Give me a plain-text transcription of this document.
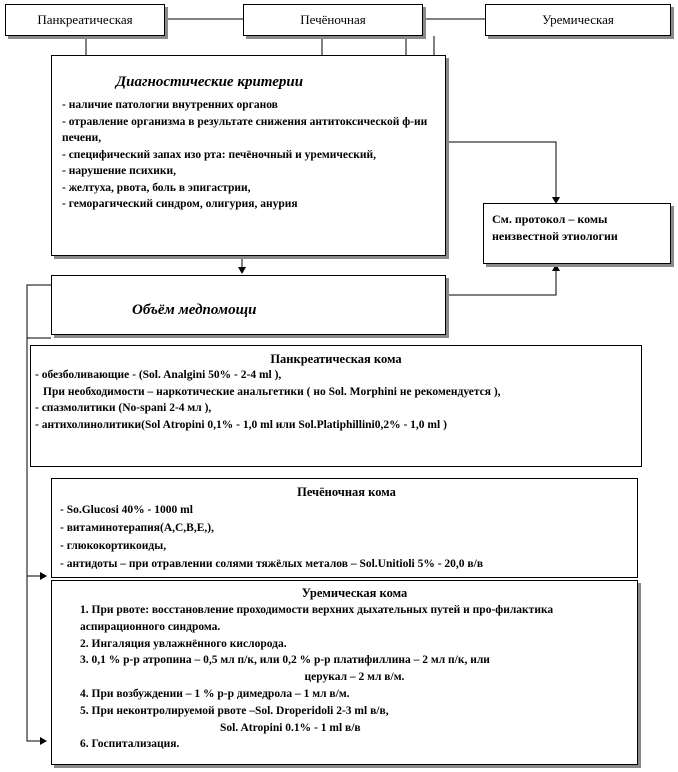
Панкреатическая	Печёночная	Уремическая
Диагностические критерии
- наличие патологии внутренних органов
- отравление организма в результате снижения антитоксической ф-ии печени,
- специфический запах изо рта: печёночный и уремический,
- нарушение психики,
- желтуха, рвота, боль в эпигастрии,
- геморагический синдром, олигурия, анурия
См. протокол – комы неизвестной этиологии
Объём медпомощи
Панкреатическая кома
- обезболивающие - (Sol. Analgini 50% - 2-4 ml ),
При необходимости – наркотические анальгетики ( но Sol. Morphini не рекомендуется ),
- спазмолитики (No-spani 2-4 мл ),
- антихолинолитики(Sol Atropini 0,1% - 1,0 ml или Sol.Platiphillini0,2% - 1,0 ml )
Печёночная кома
- So.Glucosi 40% - 1000 ml
- витаминотерапия(А,С,В,Е,),
- глюкокортикоиды,
- антидоты – при отравлении солями тяжёлых металов – Sol.Unitioli 5% - 20,0 в/в
Уремическая кома
1. При рвоте: восстановление проходимости верхних дыхательных путей и про-филактика аспирационного синдрома.
2. Ингаляция увлажнённого кислорода.
3. 0,1 % р-р атропина – 0,5 мл п/к, или 0,2 % р-р платифиллина – 2 мл п/к, или
церукал – 2 мл в/м.
4. При возбуждении – 1 % р-р димедрола – 1 мл в/м.
5. При неконтролируемой рвоте –Sol. Droperidoli 2-3 ml в/в,
Sol. Atropini 0.1% - 1 ml в/в
6. Госпитализация.
